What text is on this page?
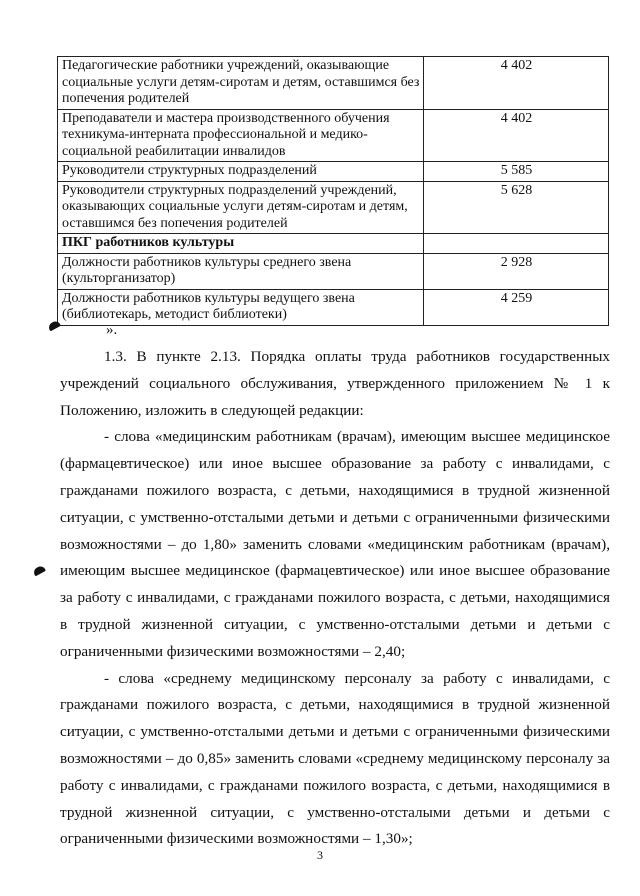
Педагогические работники учреждений, оказывающие социальные услуги детям-сиротам и детям, оставшимся без попечения родителей	4 402
Преподаватели и мастера производственного обучения техникума-интерната профессиональной и медико-социальной реабилитации инвалидов	4 402
Руководители структурных подразделений	5 585
Руководители структурных подразделений учреждений, оказывающих социальные услуги детям-сиротам и детям, оставшимся без попечения родителей	5 628
ПКГ работников культуры	
Должности работников культуры среднего звена (культорганизатор)	2 928
Должности работников культуры ведущего звена (библиотекарь, методист библиотеки)	4 259
».

1.3. В пункте 2.13. Порядка оплаты труда работников государственных учреждений социального обслуживания, утвержденного приложением № 1 к Положению, изложить в следующей редакции:

- слова «медицинским работникам (врачам), имеющим высшее медицинское (фармацевтическое) или иное высшее образование за работу с инвалидами, с гражданами пожилого возраста, с детьми, находящимися в трудной жизненной ситуации, с умственно-отсталыми детьми и детьми с ограниченными физическими возможностями – до 1,80» заменить словами «медицинским работникам (врачам), имеющим высшее медицинское (фармацевтическое) или иное высшее образование за работу с инвалидами, с гражданами пожилого возраста, с детьми, находящимися в трудной жизненной ситуации, с умственно-отсталыми детьми и детьми с ограниченными физическими возможностями – 2,40;

- слова «среднему медицинскому персоналу за работу с инвалидами, с гражданами пожилого возраста, с детьми, находящимися в трудной жизненной ситуации, с умственно-отсталыми детьми и детьми с ограниченными физическими возможностями – до 0,85» заменить словами «среднему медицинскому персоналу за работу с инвалидами, с гражданами пожилого возраста, с детьми, находящимися в трудной жизненной ситуации, с умственно-отсталыми детьми и детьми с ограниченными физическими возможностями – 1,30»;

3
